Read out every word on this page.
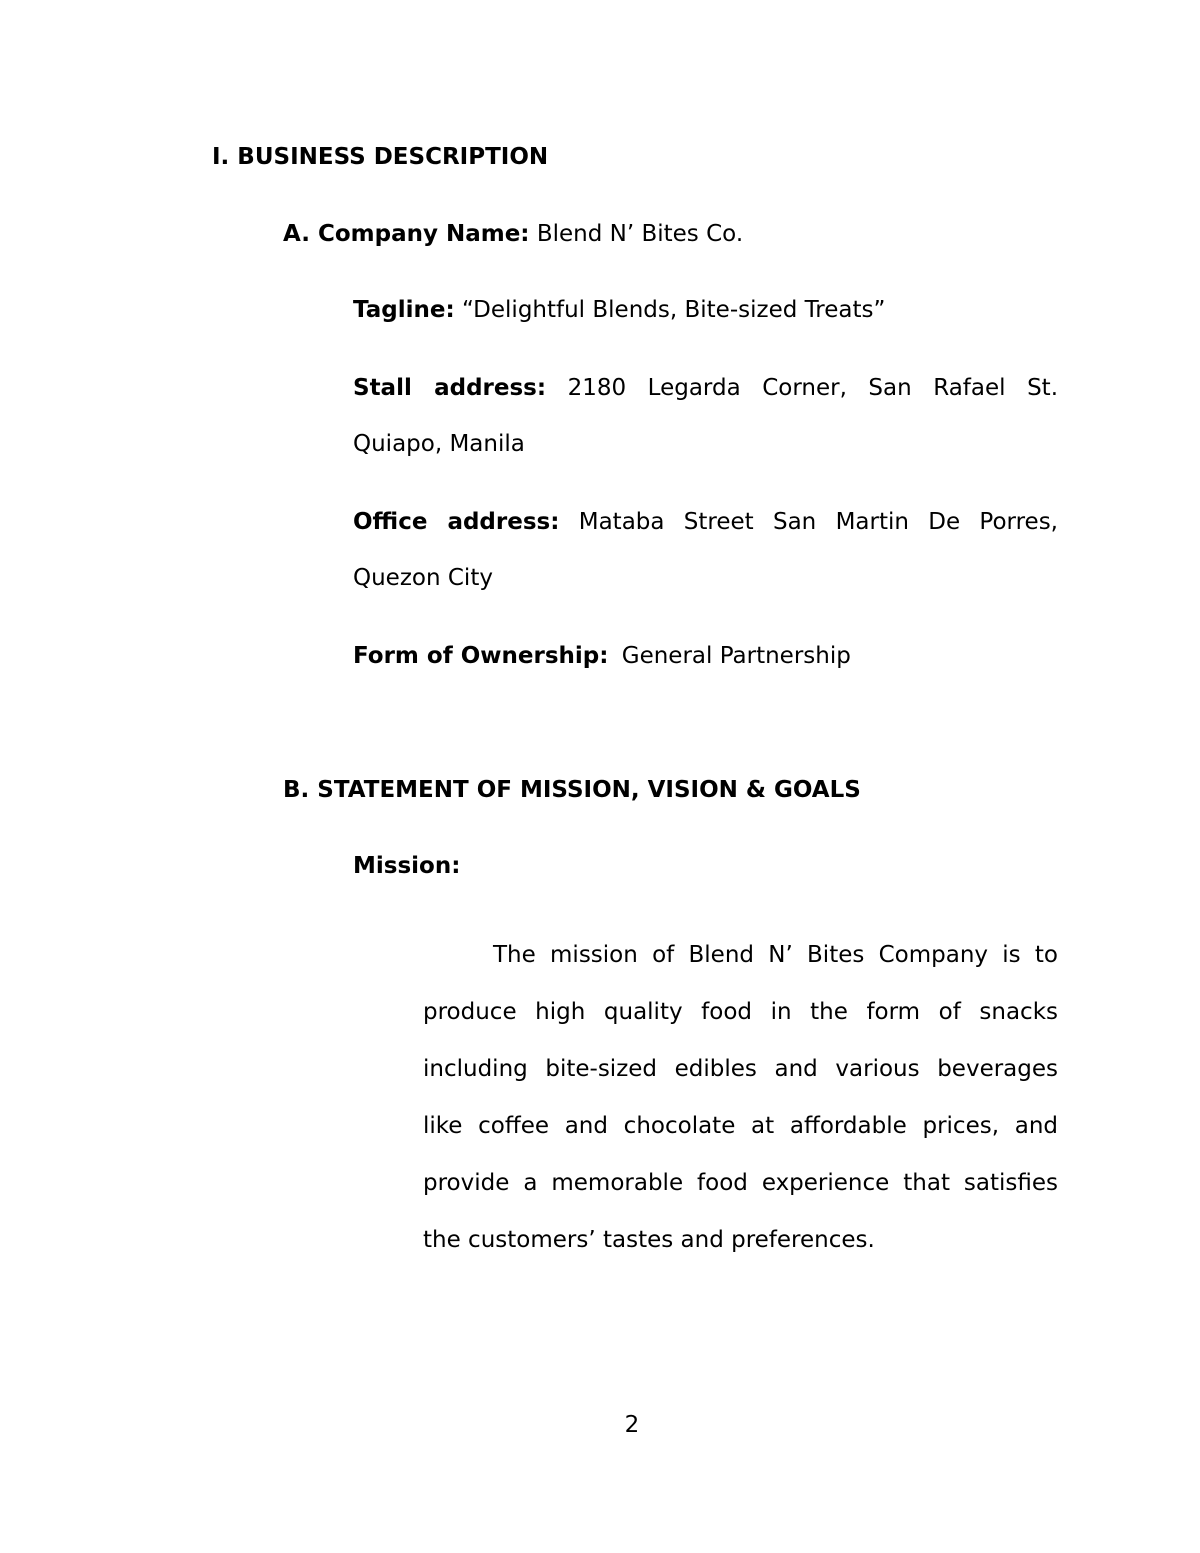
I. BUSINESS DESCRIPTION
A. Company Name: Blend N’ Bites Co.
Tagline: “Delightful Blends, Bite-sized Treats”
Stall address: 2180 Legarda Corner, San Rafael St.
Quiapo, Manila
Office address: Mataba Street San Martin De Porres,
Quezon City
Form of Ownership: General Partnership
B. STATEMENT OF MISSION, VISION & GOALS
Mission:
The mission of Blend N’ Bites Company is to
produce high quality food in the form of snacks
including bite-sized edibles and various beverages
like coffee and chocolate at affordable prices, and
provide a memorable food experience that satisfies
the customers’ tastes and preferences.
2
